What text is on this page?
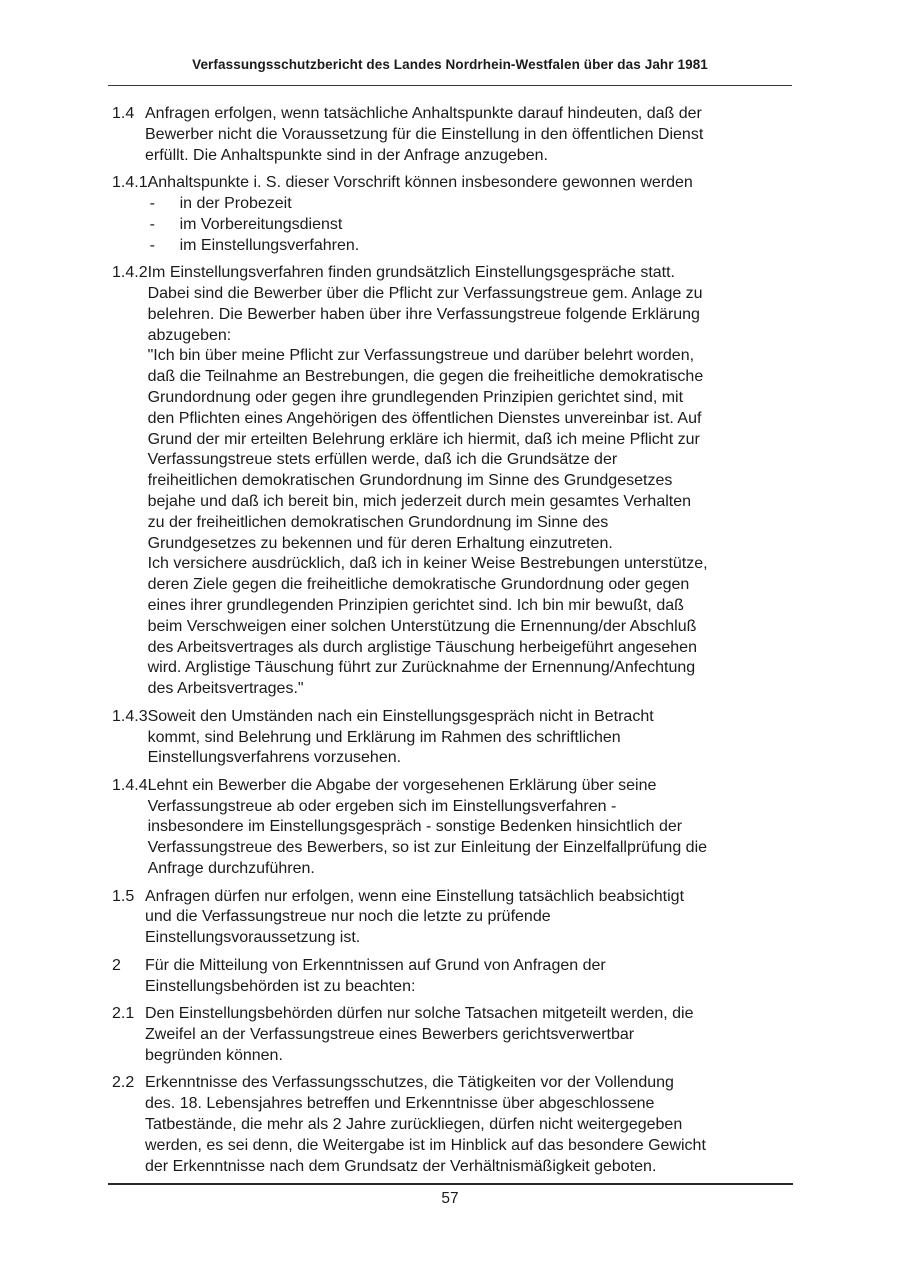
Verfassungsschutzbericht des Landes Nordrhein-Westfalen über das Jahr 1981
1.4 Anfragen erfolgen, wenn tatsächliche Anhaltspunkte darauf hindeuten, daß der
Bewerber nicht die Voraussetzung für die Einstellung in den öffentlichen Dienst
erfüllt. Die Anhaltspunkte sind in der Anfrage anzugeben.
1.4.1 Anhaltspunkte i. S. dieser Vorschrift können insbesondere gewonnen werden
-	in der Probezeit
-	im Vorbereitungsdienst
-	im Einstellungsverfahren.
1.4.2 Im Einstellungsverfahren finden grundsätzlich Einstellungsgespräche statt.
Dabei sind die Bewerber über die Pflicht zur Verfassungstreue gem. Anlage zu
belehren. Die Bewerber haben über ihre Verfassungstreue folgende Erklärung
abzugeben:
"Ich bin über meine Pflicht zur Verfassungstreue und darüber belehrt worden,
daß die Teilnahme an Bestrebungen, die gegen die freiheitliche demokratische
Grundordnung oder gegen ihre grundlegenden Prinzipien gerichtet sind, mit
den Pflichten eines Angehörigen des öffentlichen Dienstes unvereinbar ist. Auf
Grund der mir erteilten Belehrung erkläre ich hiermit, daß ich meine Pflicht zur
Verfassungstreue stets erfüllen werde, daß ich die Grundsätze der
freiheitlichen demokratischen Grundordnung im Sinne des Grundgesetzes
bejahe und daß ich bereit bin, mich jederzeit durch mein gesamtes Verhalten
zu der freiheitlichen demokratischen Grundordnung im Sinne des
Grundgesetzes zu bekennen und für deren Erhaltung einzutreten.
Ich versichere ausdrücklich, daß ich in keiner Weise Bestrebungen unterstütze,
deren Ziele gegen die freiheitliche demokratische Grundordnung oder gegen
eines ihrer grundlegenden Prinzipien gerichtet sind. Ich bin mir bewußt, daß
beim Verschweigen einer solchen Unterstützung die Ernennung/der Abschluß
des Arbeitsvertrages als durch arglistige Täuschung herbeigeführt angesehen
wird. Arglistige Täuschung führt zur Zurücknahme der Ernennung/Anfechtung
des Arbeitsvertrages."
1.4.3 Soweit den Umständen nach ein Einstellungsgespräch nicht in Betracht
kommt, sind Belehrung und Erklärung im Rahmen des schriftlichen
Einstellungsverfahrens vorzusehen.
1.4.4 Lehnt ein Bewerber die Abgabe der vorgesehenen Erklärung über seine
Verfassungstreue ab oder ergeben sich im Einstellungsverfahren -
insbesondere im Einstellungsgespräch - sonstige Bedenken hinsichtlich der
Verfassungstreue des Bewerbers, so ist zur Einleitung der Einzelfallprüfung die
Anfrage durchzuführen.
1.5 Anfragen dürfen nur erfolgen, wenn eine Einstellung tatsächlich beabsichtigt
und die Verfassungstreue nur noch die letzte zu prüfende
Einstellungsvoraussetzung ist.
2	Für die Mitteilung von Erkenntnissen auf Grund von Anfragen der
Einstellungsbehörden ist zu beachten:
2.1 Den Einstellungsbehörden dürfen nur solche Tatsachen mitgeteilt werden, die
Zweifel an der Verfassungstreue eines Bewerbers gerichtsverwertbar
begründen können.
2.2 Erkenntnisse des Verfassungsschutzes, die Tätigkeiten vor der Vollendung
des. 18. Lebensjahres betreffen und Erkenntnisse über abgeschlossene
Tatbestände, die mehr als 2 Jahre zurückliegen, dürfen nicht weitergegeben
werden, es sei denn, die Weitergabe ist im Hinblick auf das besondere Gewicht
der Erkenntnisse nach dem Grundsatz der Verhältnismäßigkeit geboten.
57
